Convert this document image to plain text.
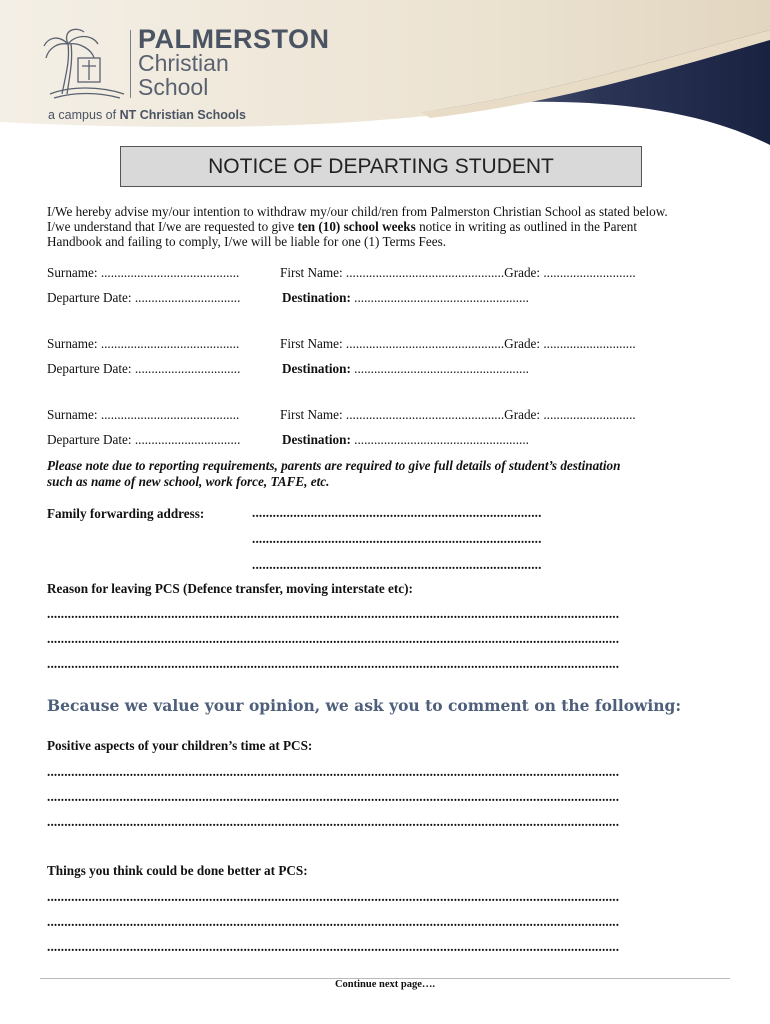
PALMERSTON
Christian
School
a campus of NT Christian Schools
NOTICE OF DEPARTING STUDENT
I/We hereby advise my/our intention to withdraw my/our child/ren from Palmerston Christian School as stated below.
I/we understand that I/we are requested to give ten (10) school weeks notice in writing as outlined in the Parent
Handbook and failing to comply, I/we will be liable for one (1) Terms Fees.
Surname: ..........................................	First Name: ................................................Grade: ............................
Departure Date: ................................	Destination: .....................................................
Surname: ..........................................	First Name: ................................................Grade: ............................
Departure Date: ................................	Destination: .....................................................
Surname: ..........................................	First Name: ................................................Grade: ............................
Departure Date: ................................	Destination: .....................................................
Please note due to reporting requirements, parents are required to give full details of student’s destination
such as name of new school, work force, TAFE, etc.
Family forwarding address:	....................................................................................
....................................................................................
....................................................................................
Reason for leaving PCS (Defence transfer, moving interstate etc):
......................................................................................................................................................................
......................................................................................................................................................................
......................................................................................................................................................................
Because we value your opinion, we ask you to comment on the following:
Positive aspects of your children’s time at PCS:
......................................................................................................................................................................
......................................................................................................................................................................
......................................................................................................................................................................
Things you think could be done better at PCS:
......................................................................................................................................................................
......................................................................................................................................................................
......................................................................................................................................................................
Continue next page….
